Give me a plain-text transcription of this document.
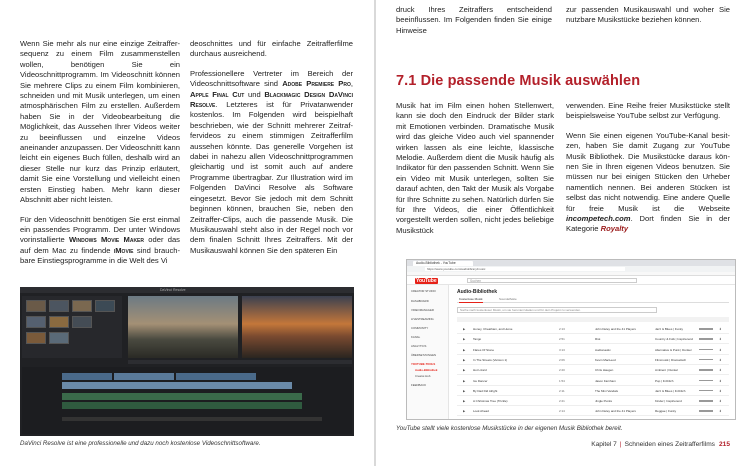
Wenn Sie mehr als nur eine einzige Zeitraffersequenz zu einem Film zusammenstellen wollen, benötigen Sie ein Videoschnittprogramm. Im Videoschnitt können Sie mehrere Clips zu einem Film kombinieren, schneiden und mit Musik unterlegen, um einen atmosphärischen Film zu erstellen. Außerdem haben Sie in der Videobearbeitung die Möglichkeit, das Aussehen Ihrer Videos weiter zu beeinflussen und einzelne Videos aneinander anzupassen. Der Videoschnitt kann leicht ein eigenes Buch füllen, deshalb wird an dieser Stelle nur kurz das Prinzip erläutert, damit Sie eine Vorstellung und vielleicht einen ersten Einstieg haben. Mehr kann dieser Abschnitt aber nicht leisten.

Für den Videoschnitt benötigen Sie erst einmal ein passendes Programm. Der unter Windows vorinstallierte Windows Movie Maker oder das auf dem Mac zu findende iMovie sind brauchbare Einstiegsprogramme in die Welt des Vi

deoschnittes und für einfache Zeitrafferfilme durchaus ausreichend.

Professionellere Vertreter im Bereich der Videoschnittsoftware sind Adobe Premiere Pro, Apple Final Cut und Blackmagic Design DaVinci Resolve. Letzteres ist für Privatanwender kostenlos. Im Folgenden wird beispielhaft beschrieben, wie der Schnitt mehrerer Zeitraffervideos zu einem stimmigen Zeitrafferfilm aussehen könnte. Das generelle Vorgehen ist dabei in nahezu allen Videoschnittprogrammen gleichartig und ist somit auch auf andere Programme übertragbar. Zur Illustration wird im Folgenden DaVinci Resolve als Software eingesetzt. Bevor Sie jedoch mit dem Schnitt beginnen können, brauchen Sie, neben den Zeitraffer-Clips, auch die passende Musik. Die Musikauswahl steht also in der Regel noch vor dem finalen Schnitt Ihres Zeitraffers. Mit der Musikauswahl können Sie den späteren Ein

DaVinci Resolve
DaVinci Resolve ist eine professionelle und dazu noch kostenlose Videoschnittsoftware.

druck Ihres Zeitraffers entscheidend beeinflussen. Im Folgenden finden Sie einige Hinweise

zur passenden Musikauswahl und woher Sie nutzbare Musikstücke beziehen können.

7.1 Die passende Musik auswählen

Musik hat im Film einen hohen Stellenwert, kann sie doch den Eindruck der Bilder stark mit Emotionen verbinden. Dramatische Musik wird das gleiche Video auch viel spannender wirken lassen als eine leichte, klassische Melodie. Außerdem dient die Musik häufig als Indikator für den passenden Schnitt. Wenn Sie ein Video mit Musik unterlegen, sollten Sie darauf achten, den Takt der Musik als Vorgabe für Ihre Schnitte zu sehen. Natürlich dürfen Sie für Ihre Videos, die einer Öffentlichkeit vorgestellt werden sollen, nicht jedes beliebige Musikstück

verwenden. Eine Reihe freier Musikstücke stellt beispielsweise YouTube selbst zur Verfügung.

Wenn Sie einen eigenen YouTube-Kanal besitzen, haben Sie damit Zugang zur YouTube Musik Bibliothek. Die Musikstücke daraus können Sie in Ihren eigenen Videos benutzen. Sie müssen nur bei einigen Stücken den Urheber namentlich nennen. Bei anderen Stücken ist selbst das nicht notwendig. Eine andere Quelle für freie Musik ist die Webseite incompetech.com. Dort finden Sie in der Kategorie Royalty

Audio-Bibliothek - YouTube
https://www.youtube.com/audiolibrary/music
YouTube	Suchen
CREATOR STUDIO
DASHBOARD
VIDEOMANAGER
LIVESTREAMING
COMMUNITY
KANAL
ANALYTICS
ÜBERSETZUNGEN
YOUTUBE-TOOLS
Audio-Bibliothek
Creator-Hub
FEEDBACK
Audio-Bibliothek
Kostenlose Musik	Soundeffekte
Suche nach kostenloser Musik, um sie herunterzuladen und für dein Projekt zu verwenden.
▶	Honey, Cheatham, and Hume	2:13	John Deley and the 41 Players	Jazz & Blues | Funky	⬇
▶	Tango	2:51	Riot	Country & Folk | Inspirierend	⬇
▶	Flares Of Stone	3:13	Audionautix	Alternative & Punk | Dunkel	⬇
▶	In The Streets (Version 1)	2:06	Kevin MacLeod	Filmmusik | Dramatisch	⬇
▶	Hot Lizard	2:20	Chris Haugen	Ambient | Dunkel	⬇
▶	Ice Dancer	1:54	Jason Farnham	Pop | Fröhlich	⬇
▶	By Dad Did Alright	2:11	The Mini Vandals	Jazz & Blues | Fröhlich	⬇
▶	A Christmas Tree (Trickle)	2:21	Jingle Punks	Kinder | Inspirierend	⬇
▶	Look Ahead	2:14	John Deley and the 41 Players	Reggae | Funky	⬇
YouTube stellt viele kostenlose Musikstücke in der eigenen Musik Bibliothek bereit.
Kapitel 7 | Schneiden eines Zeitrafferfilms 215
